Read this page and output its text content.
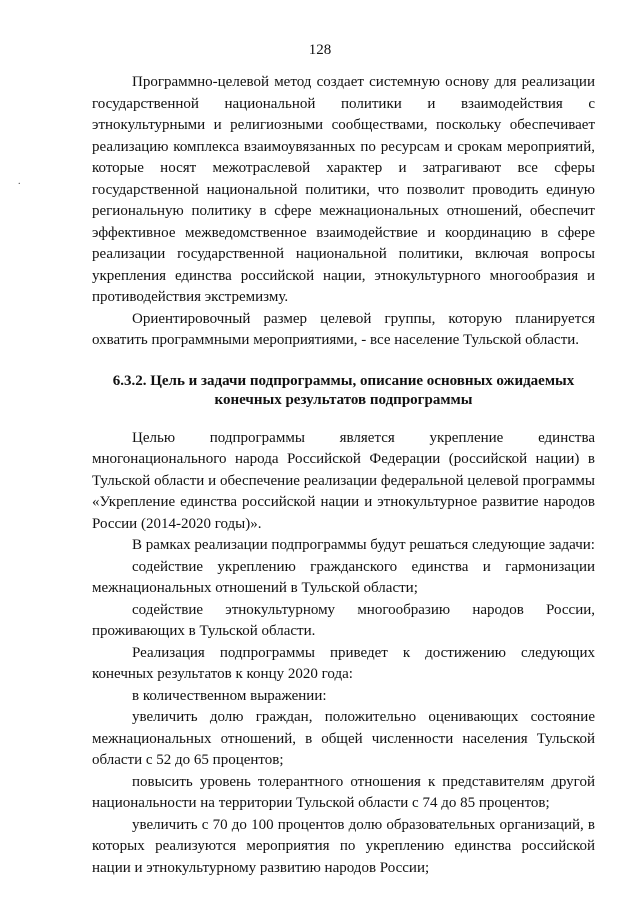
128
.

Программно-целевой метод создает системную основу для реализации государственной национальной политики и взаимодействия с этнокультурными и религиозными сообществами, поскольку обеспечивает реализацию комплекса взаимоувязанных по ресурсам и срокам мероприятий, которые носят межотраслевой характер и затрагивают все сферы государственной национальной политики, что позволит проводить единую региональную политику в сфере межнациональных отношений, обеспечит эффективное межведомственное взаимодействие и координацию в сфере реализации государственной национальной политики, включая вопросы укрепления единства российской нации, этнокультурного многообразия и противодействия экстремизму.

Ориентировочный размер целевой группы, которую планируется охватить программными мероприятиями, - все население Тульской области.

6.3.2. Цель и задачи подпрограммы, описание основных ожидаемых конечных результатов подпрограммы

Целью подпрограммы является укрепление единства многонационального народа Российской Федерации (российской нации) в Тульской области и обеспечение реализации федеральной целевой программы «Укрепление единства российской нации и этнокультурное развитие народов России (2014-2020 годы)».

В рамках реализации подпрограммы будут решаться следующие задачи:

содействие укреплению гражданского единства и гармонизации межнациональных отношений в Тульской области;

содействие этнокультурному многообразию народов России, проживающих в Тульской области.

Реализация подпрограммы приведет к достижению следующих конечных результатов к концу 2020 года:

в количественном выражении:

увеличить долю граждан, положительно оценивающих состояние межнациональных отношений, в общей численности населения Тульской области с 52 до 65 процентов;

повысить уровень толерантного отношения к представителям другой национальности на территории Тульской области с 74 до 85 процентов;

увеличить с 70 до 100 процентов долю образовательных организаций, в которых реализуются мероприятия по укреплению единства российской нации и этнокультурному развитию народов России;
